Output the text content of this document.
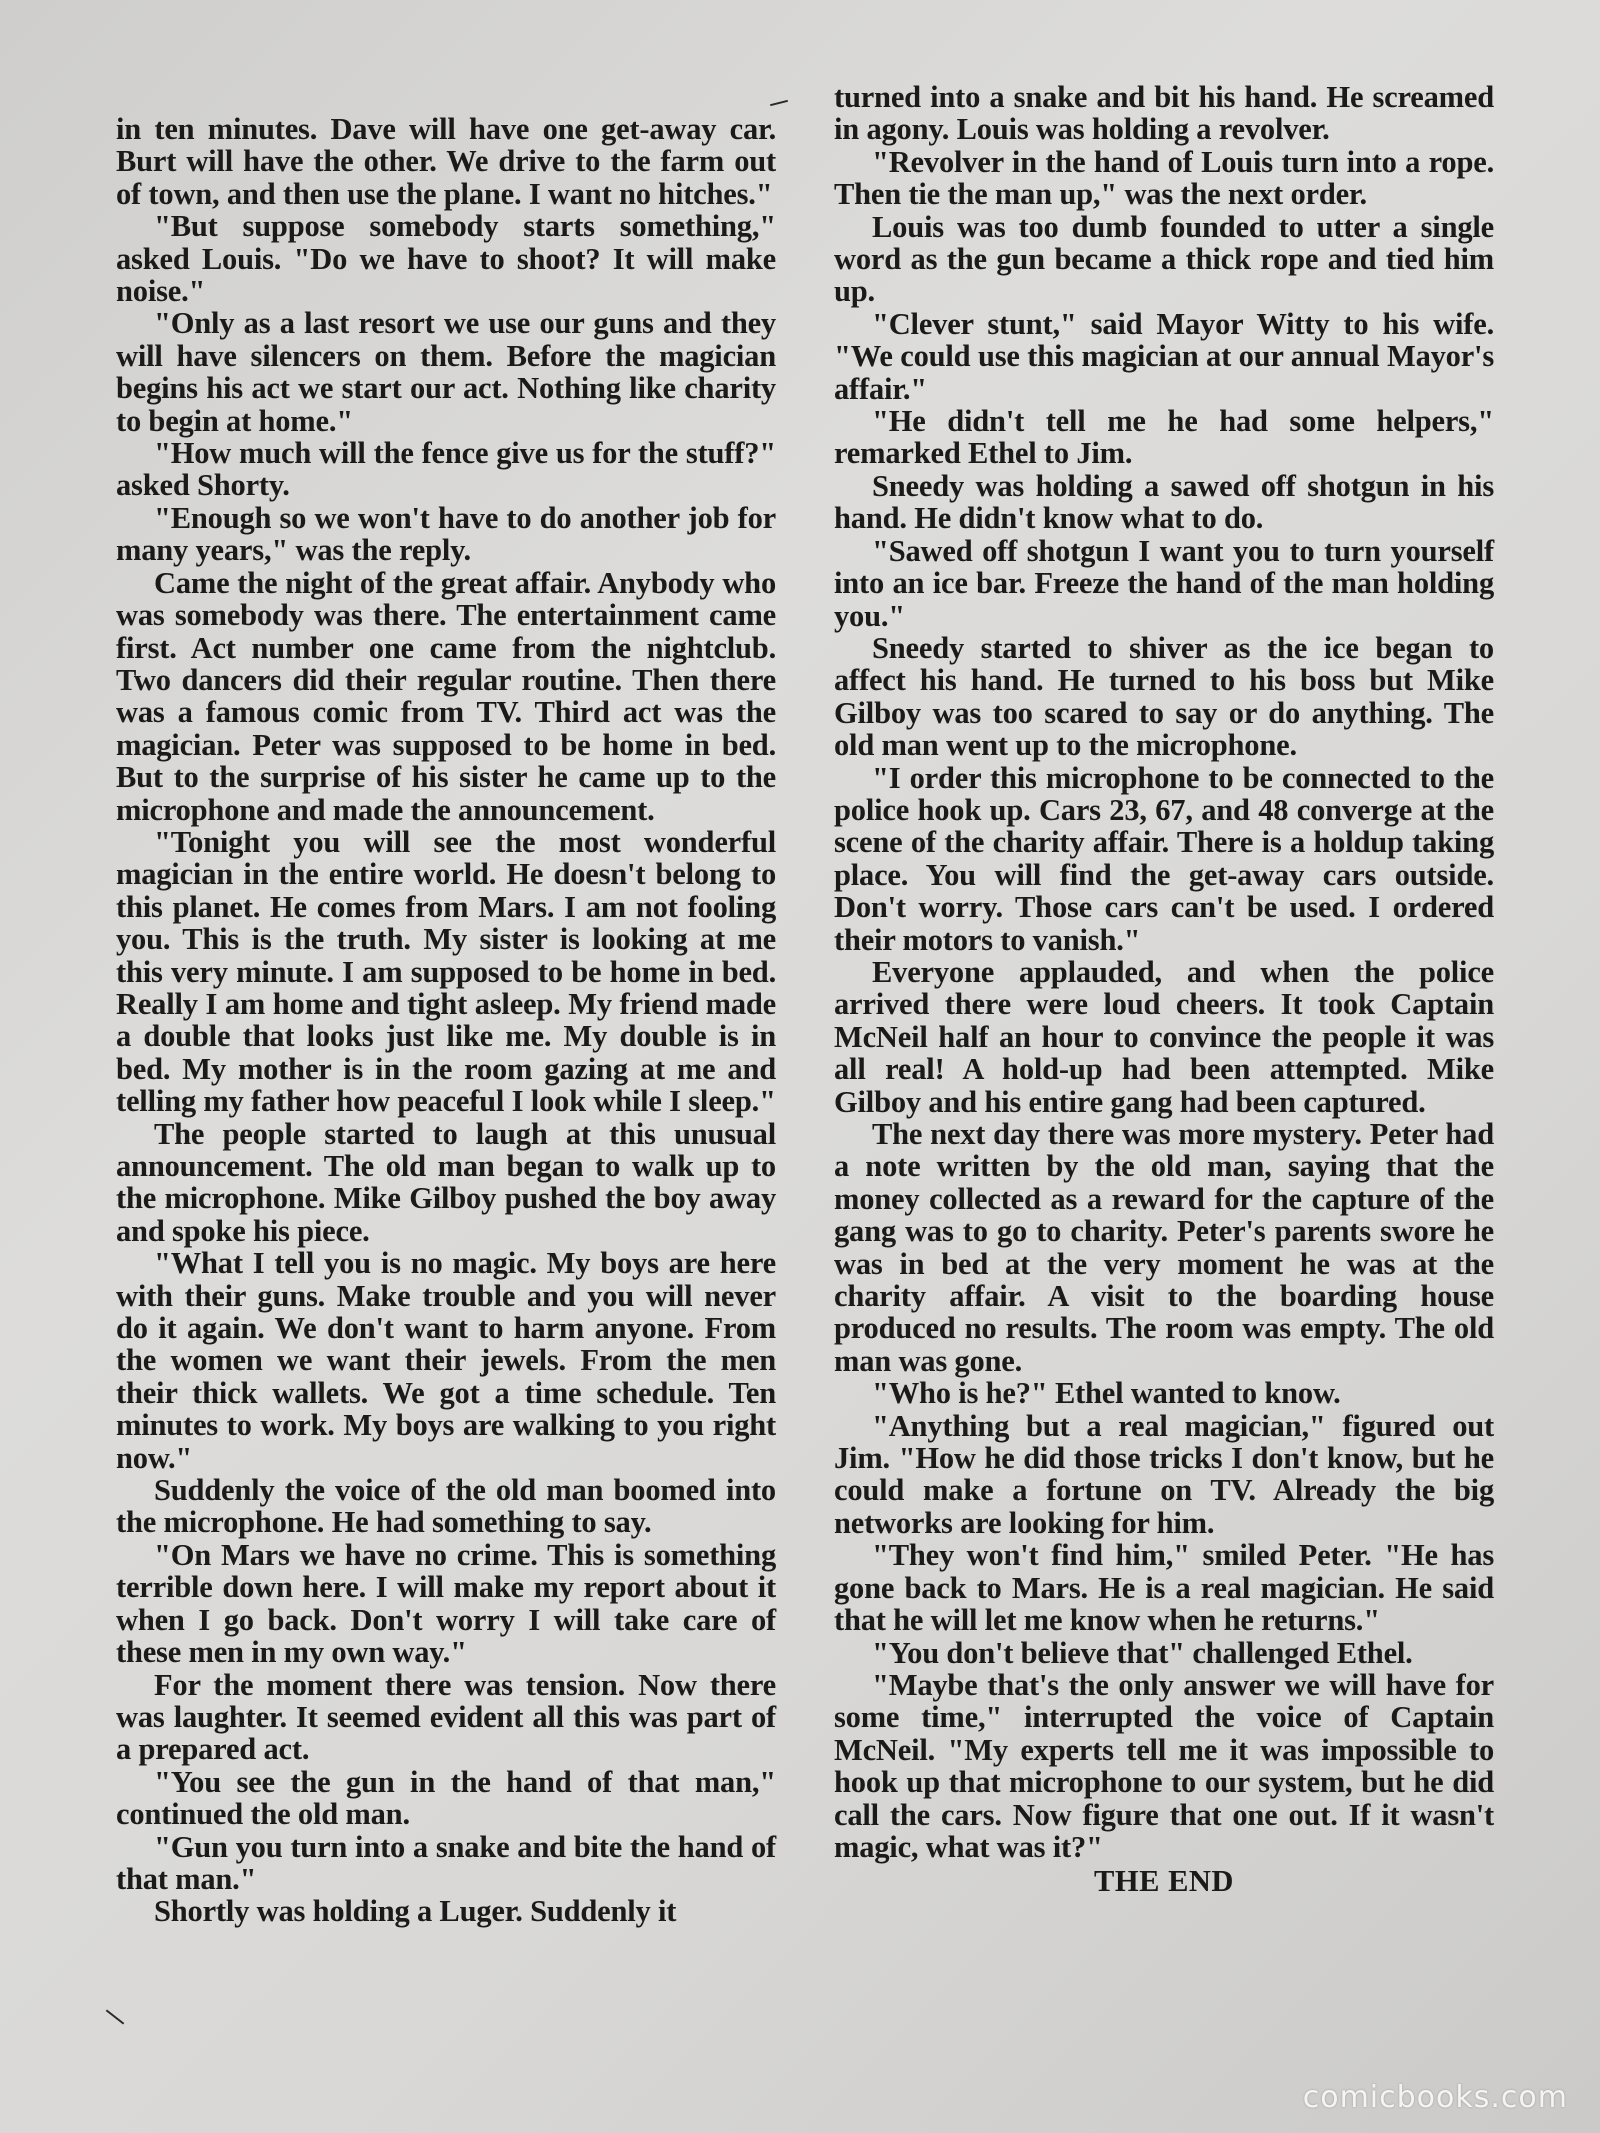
in ten minutes. Dave will have one get-away car. Burt will have the other. We drive to the farm out of town, and then use the plane. I want no hitches."

"But suppose somebody starts something," asked Louis. "Do we have to shoot? It will make noise."

"Only as a last resort we use our guns and they will have silencers on them. Before the magician begins his act we start our act. Nothing like charity to begin at home."

"How much will the fence give us for the stuff?" asked Shorty.

"Enough so we won't have to do another job for many years," was the reply.

Came the night of the great affair. Anybody who was somebody was there. The entertainment came first. Act number one came from the nightclub. Two dancers did their regular routine. Then there was a famous comic from TV. Third act was the magician. Peter was supposed to be home in bed. But to the surprise of his sister he came up to the microphone and made the announcement.

"Tonight you will see the most wonderful magician in the entire world. He doesn't belong to this planet. He comes from Mars. I am not fooling you. This is the truth. My sister is looking at me this very minute. I am supposed to be home in bed. Really I am home and tight asleep. My friend made a double that looks just like me. My double is in bed. My mother is in the room gazing at me and telling my father how peaceful I look while I sleep."

The people started to laugh at this unusual announcement. The old man began to walk up to the microphone. Mike Gilboy pushed the boy away and spoke his piece.

"What I tell you is no magic. My boys are here with their guns. Make trouble and you will never do it again. We don't want to harm anyone. From the women we want their jewels. From the men their thick wallets. We got a time schedule. Ten minutes to work. My boys are walking to you right now."

Suddenly the voice of the old man boomed into the microphone. He had something to say.

"On Mars we have no crime. This is something terrible down here. I will make my report about it when I go back. Don't worry I will take care of these men in my own way."

For the moment there was tension. Now there was laughter. It seemed evident all this was part of a prepared act.

"You see the gun in the hand of that man," continued the old man.

"Gun you turn into a snake and bite the hand of that man."

Shortly was holding a Luger. Suddenly it

turned into a snake and bit his hand. He screamed in agony. Louis was holding a revolver.

"Revolver in the hand of Louis turn into a rope. Then tie the man up," was the next order.

Louis was too dumb founded to utter a single word as the gun became a thick rope and tied him up.

"Clever stunt," said Mayor Witty to his wife. "We could use this magician at our annual Mayor's affair."

"He didn't tell me he had some helpers," remarked Ethel to Jim.

Sneedy was holding a sawed off shotgun in his hand. He didn't know what to do.

"Sawed off shotgun I want you to turn yourself into an ice bar. Freeze the hand of the man holding you."

Sneedy started to shiver as the ice began to affect his hand. He turned to his boss but Mike Gilboy was too scared to say or do anything. The old man went up to the microphone.

"I order this microphone to be connected to the police hook up. Cars 23, 67, and 48 converge at the scene of the charity affair. There is a holdup taking place. You will find the get-away cars outside. Don't worry. Those cars can't be used. I ordered their motors to vanish."

Everyone applauded, and when the police arrived there were loud cheers. It took Captain McNeil half an hour to convince the people it was all real! A hold-up had been attempted. Mike Gilboy and his entire gang had been captured.

The next day there was more mystery. Peter had a note written by the old man, saying that the money collected as a reward for the capture of the gang was to go to charity. Peter's parents swore he was in bed at the very moment he was at the charity affair. A visit to the boarding house produced no results. The room was empty. The old man was gone.

"Who is he?" Ethel wanted to know.

"Anything but a real magician," figured out Jim. "How he did those tricks I don't know, but he could make a fortune on TV. Already the big networks are looking for him.

"They won't find him," smiled Peter. "He has gone back to Mars. He is a real magician. He said that he will let me know when he returns."

"You don't believe that" challenged Ethel.

"Maybe that's the only answer we will have for some time," interrupted the voice of Captain McNeil. "My experts tell me it was impossible to hook up that microphone to our system, but he did call the cars. Now figure that one out. If it wasn't magic, what was it?"

THE END

comicbooks.com
